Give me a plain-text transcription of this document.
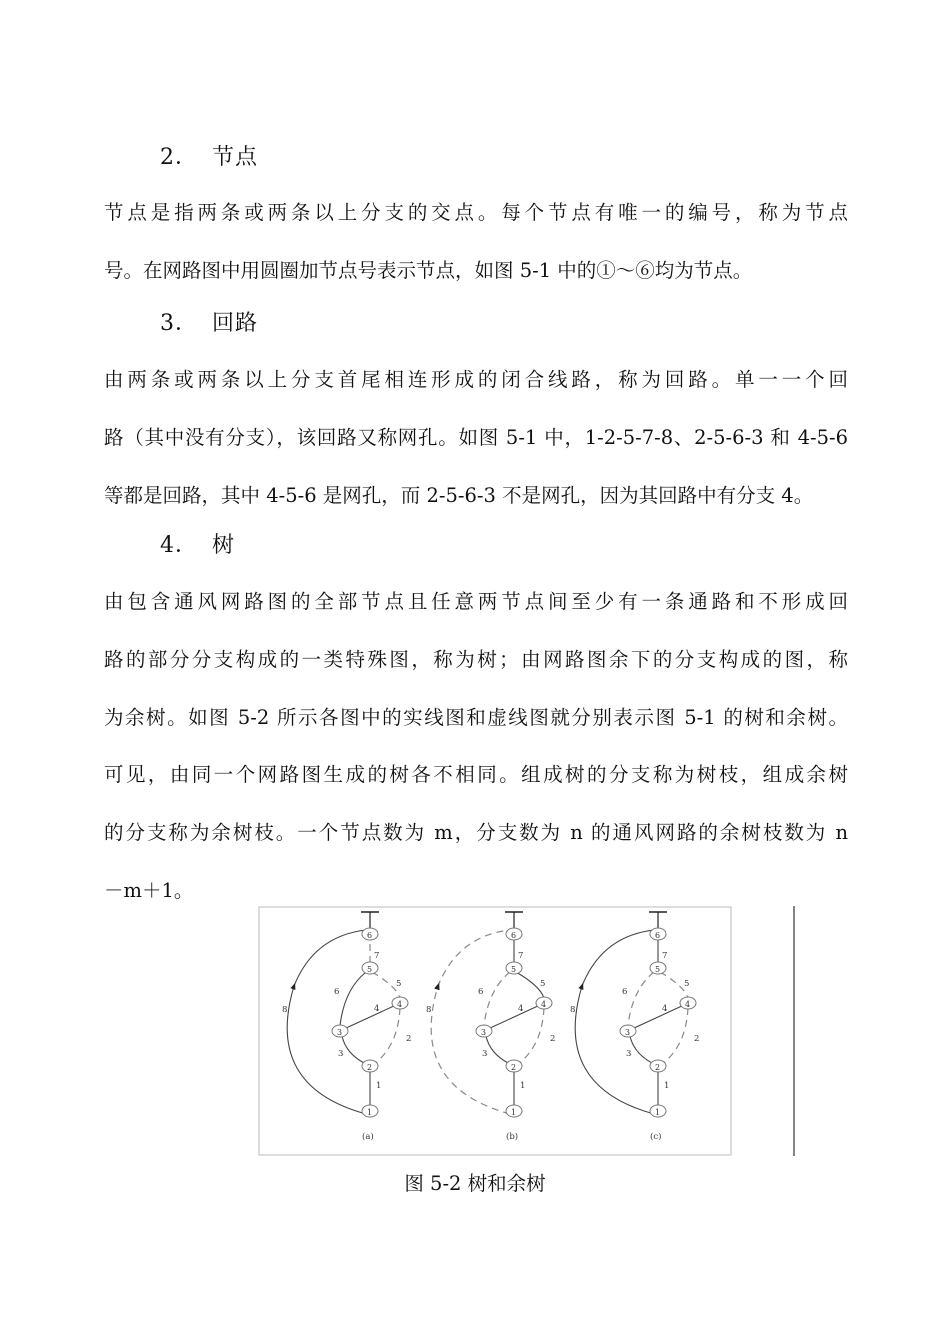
2． 节点
节点是指两条或两条以上分支的交点。每个节点有唯一的编号，称为节点
号。在网路图中用圆圈加节点号表示节点，如图 5-1 中的①～⑥均为节点。
3． 回路
由两条或两条以上分支首尾相连形成的闭合线路，称为回路。单一一个回
路（其中没有分支），该回路又称网孔。如图 5-1 中，1-2-5-7-8、2-5-6-3 和 4-5-6
等都是回路，其中 4-5-6 是网孔，而 2-5-6-3 不是网孔，因为其回路中有分支 4。
4． 树
由包含通风网路图的全部节点且任意两节点间至少有一条通路和不形成回
路的部分分支构成的一类特殊图，称为树；由网路图余下的分支构成的图，称
为余树。如图 5-2 所示各图中的实线图和虚线图就分别表示图 5-1 的树和余树。
可见，由同一个网路图生成的树各不相同。组成树的分支称为树枝，组成余树
的分支称为余树枝。一个节点数为 m，分支数为 n 的通风网路的余树枝数为 n
－m＋1。
1
2
3
4
5
6
1
2
3
4
5
6
7
8
(a)
1
2
3
4
5
6
1
2
3
4
5
6
7
8
(b)
1
2
3
4
5
6
1
2
3
4
5
6
7
8
(c)
图 5-2 树和余树
